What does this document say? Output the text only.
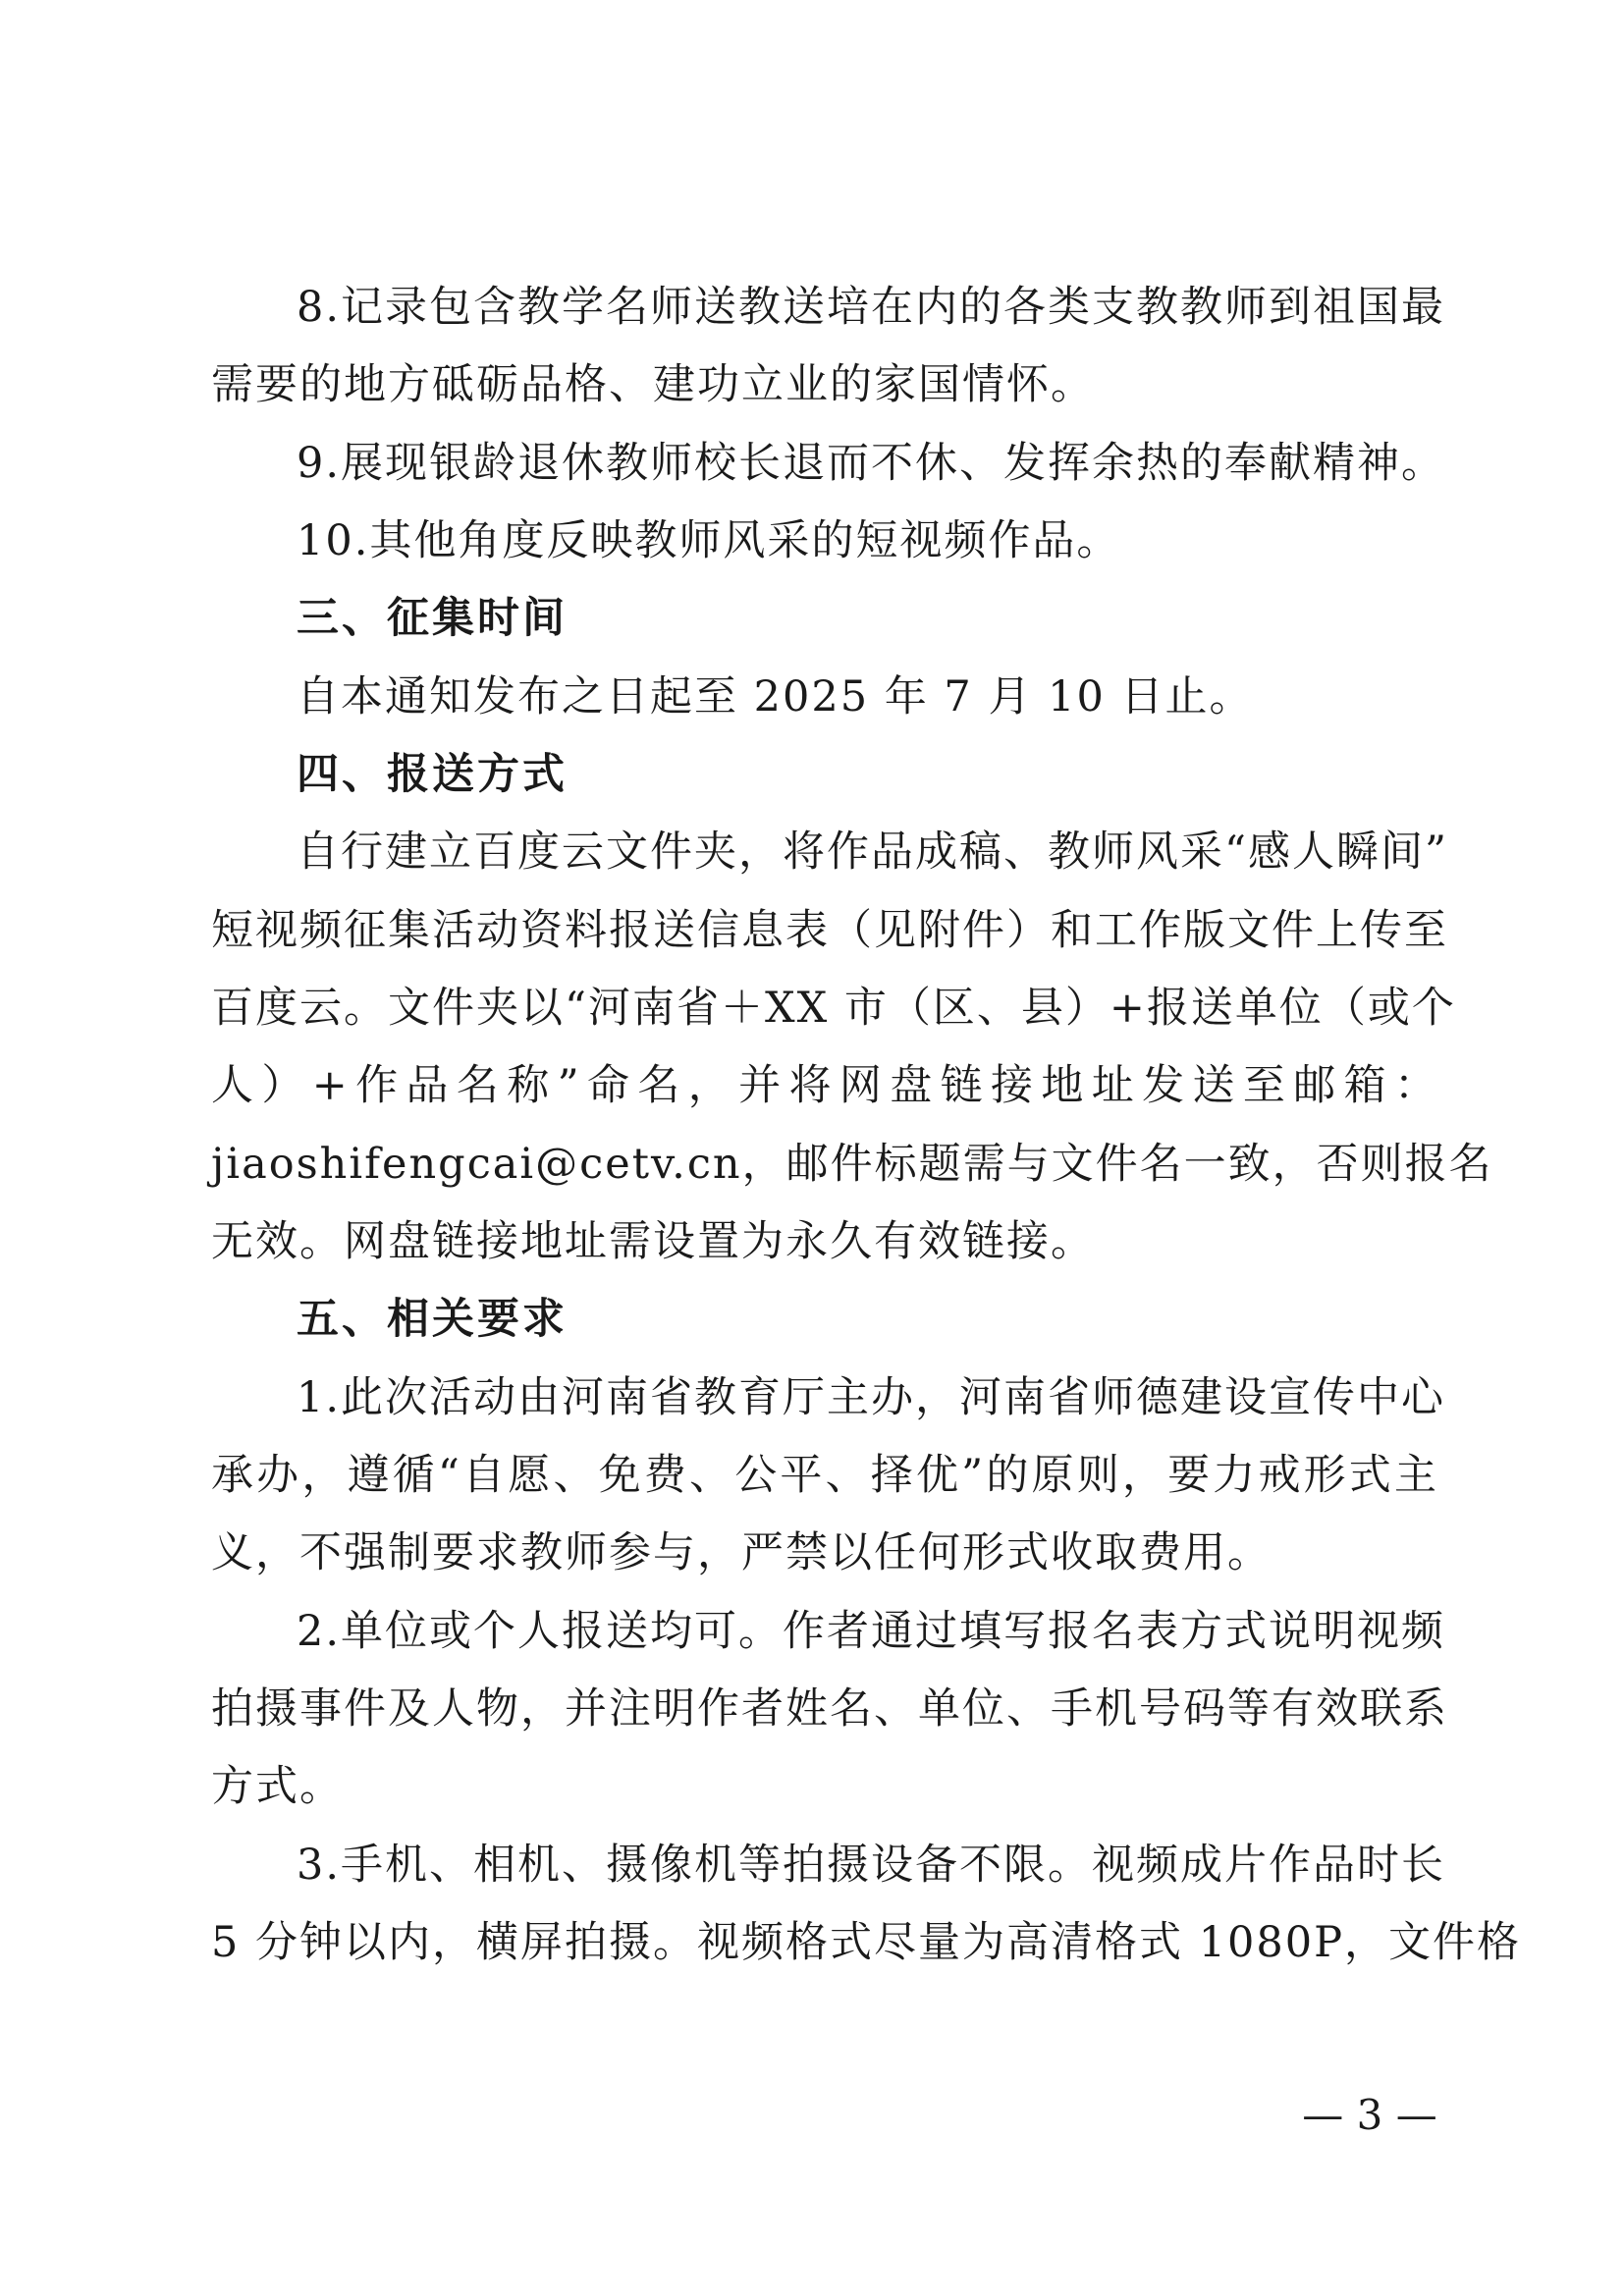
8.记录包含教学名师送教送培在内的各类支教教师到祖国最
需要的地方砥砺品格、建功立业的家国情怀。
9.展现银龄退休教师校长退而不休、发挥余热的奉献精神。
10.其他角度反映教师风采的短视频作品。
三、征集时间
自本通知发布之日起至 2025 年 7 月 10 日止。
四、报送方式
自行建立百度云文件夹，将作品成稿、教师风采“感人瞬间”
短视频征集活动资料报送信息表（见附件）和工作版文件上传至
百度云。文件夹以“河南省＋XX 市（区、县）+报送单位（或个
人）+作品名称”命名，并将网盘链接地址发送至邮箱：
jiaoshifengcai@cetv.cn，邮件标题需与文件名一致，否则报名
无效。网盘链接地址需设置为永久有效链接。
五、相关要求
1.此次活动由河南省教育厅主办，河南省师德建设宣传中心
承办，遵循“自愿、免费、公平、择优”的原则，要力戒形式主
义，不强制要求教师参与，严禁以任何形式收取费用。
2.单位或个人报送均可。作者通过填写报名表方式说明视频
拍摄事件及人物，并注明作者姓名、单位、手机号码等有效联系
方式。
3.手机、相机、摄像机等拍摄设备不限。视频成片作品时长
5 分钟以内，横屏拍摄。视频格式尽量为高清格式 1080P，文件格
— 3 —
